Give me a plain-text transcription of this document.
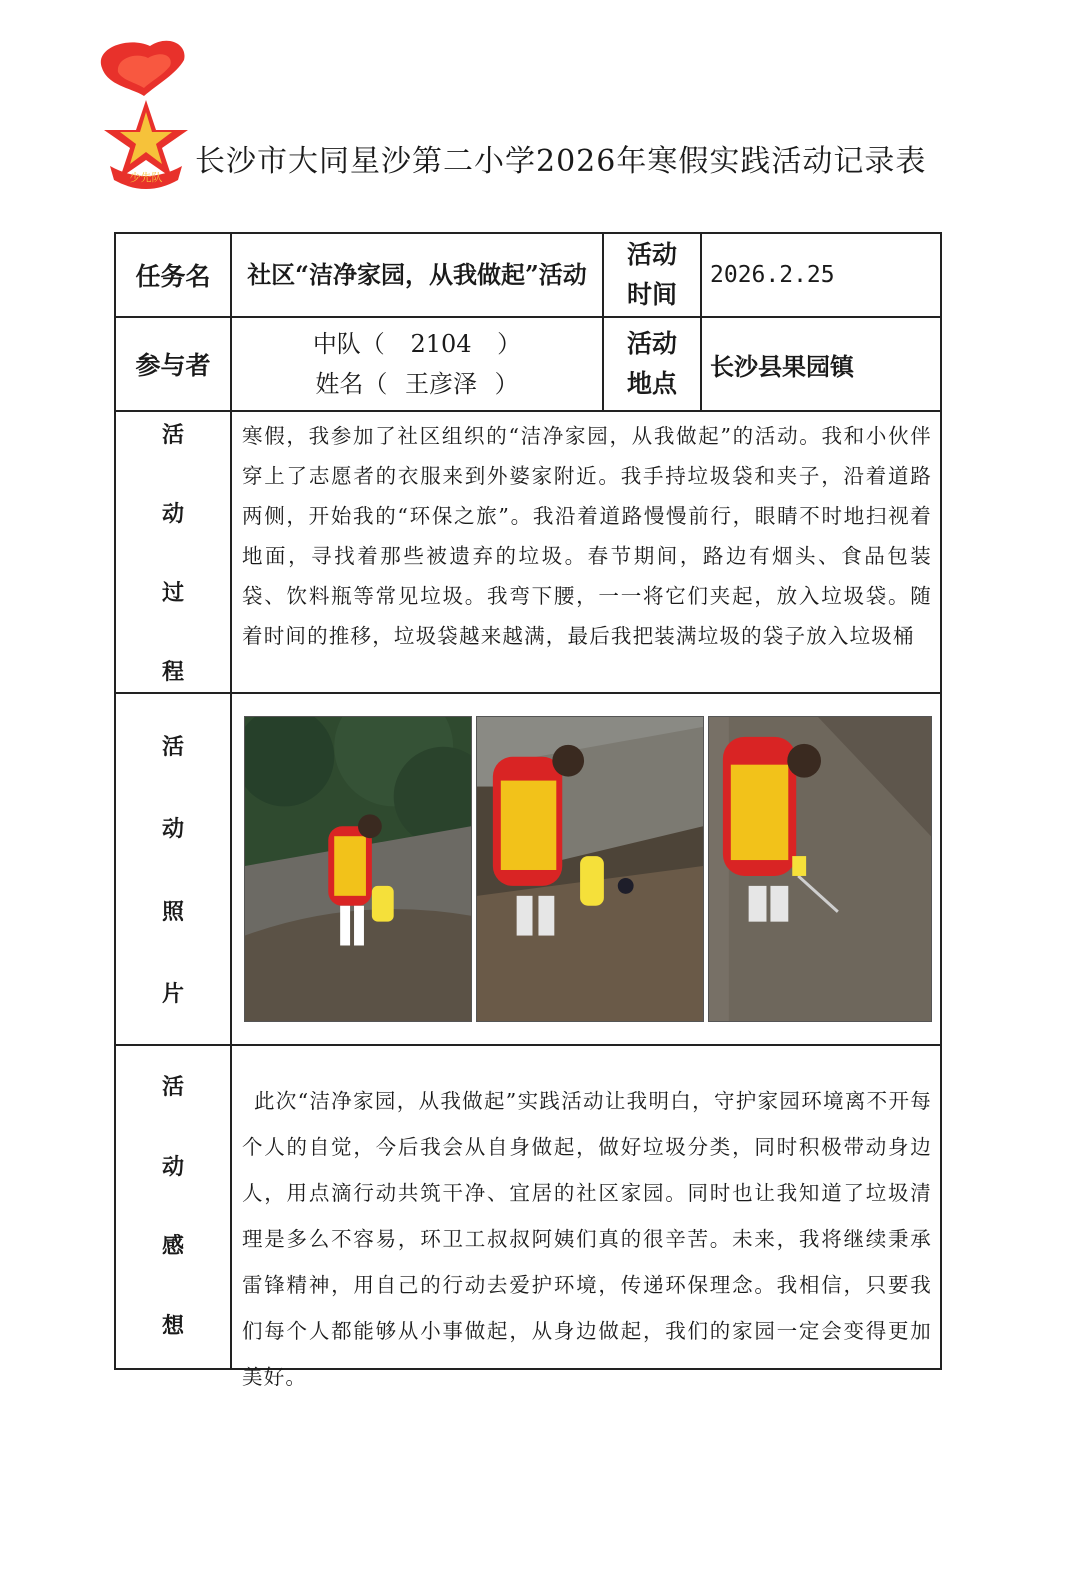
少先队 长沙市大同星沙第二小学2026年寒假实践活动记录表
任务名	社区“洁净家园，从我做起”活动
活动时间
2026.2.25
参与者
中队（ 2104 ）
姓名（ 王彦泽 ）
活动地点
长沙县果园镇
活
动
过
程
寒假，我参加了社区组织的“洁净家园，从我做起”的活动。我和小伙伴穿上了志愿者的衣服来到外婆家附近。我手持垃圾袋和夹子，沿着道路两侧，开始我的“环保之旅”。我沿着道路慢慢前行，眼睛不时地扫视着地面，寻找着那些被遗弃的垃圾。春节期间，路边有烟头、食品包装袋、饮料瓶等常见垃圾。我弯下腰，一一将它们夹起，放入垃圾袋。随着时间的推移，垃圾袋越来越满，最后我把装满垃圾的袋子放入垃圾桶
活
动
照
片
活
动
感
想
此次“洁净家园，从我做起”实践活动让我明白，守护家园环境离不开每个人的自觉，今后我会从自身做起，做好垃圾分类，同时积极带动身边人，用点滴行动共筑干净、宜居的社区家园。同时也让我知道了垃圾清理是多么不容易，环卫工叔叔阿姨们真的很辛苦。未来，我将继续秉承雷锋精神，用自己的行动去爱护环境，传递环保理念。我相信，只要我们每个人都能够从小事做起，从身边做起，我们的家园一定会变得更加美好。
